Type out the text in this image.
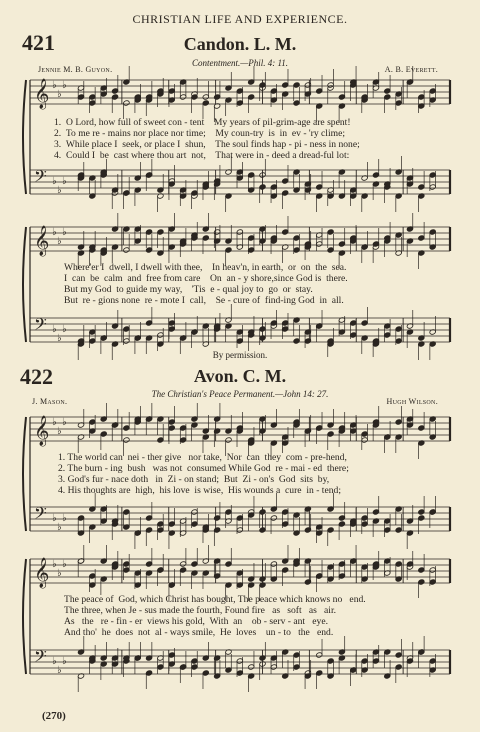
CHRISTIAN LIFE AND EXPERIENCE.
421	Candon. L. M.
Contentment.—Phil. 4: 11.
Jennie M. B. Guyon.	A. B. Everett.
𝄞
𝄢
♭
♭
♭
♭
♭
♭
𝄞
𝄢
♭
♭
♭
♭
♭
♭
𝄞
𝄢
♭
♭
♭
♭
♭
♭
𝄞
𝄢
♭
♭
♭
♭
♭
♭
1.  O Lord, how full of sweet con - tent    My years of pil-grim-age are spent!
2.  To me re - mains nor place nor time;    My coun-try  is  in  ev - 'ry clime;
3.  While place I  seek, or place I  shun,    The soul finds hap - pi - ness in none;
4.  Could I  be  cast where thou art  not,    That were in - deed a dread-ful lot:
Where'er I  dwell, I dwell with thee,    In heav'n, in earth,  or  on  the  sea.
I  can  be  calm  and  free from care    On  an - y shore,since God is  there.
But my God  to guide my way,    'Tis  e - qual joy to  go  or  stay.
But  re - gions none  re - mote I  call,    Se - cure of  find-ing God  in  all.
By permission.
422	Avon. C. M.
The Christian's Peace Permanent.—John 14: 27.
J. Mason.	Hugh Wilson.
1. The world can  nei - ther give   nor take,  Nor  can  they  com - pre-hend,
2. The burn - ing  bush   was not  consumed While God  re - mai - ed  there;
3. God's fur - nace doth   in  Zi - on stand;  But  Zi - on's  God  sits  by,
4. His thoughts are  high,  his love  is wise,  His wounds a  cure  in - tend;
The peace of  God, which Christ has bought, The peace which knows no   end.
The three, when Je - sus made the fourth, Found fire   as   soft   as   air.
As   the   re - fin - er  views his gold,  With  an    ob - serv - ant   eye.
And tho'  he  does  not  al - ways smile,  He  loves    un - to   the   end.
(270)
